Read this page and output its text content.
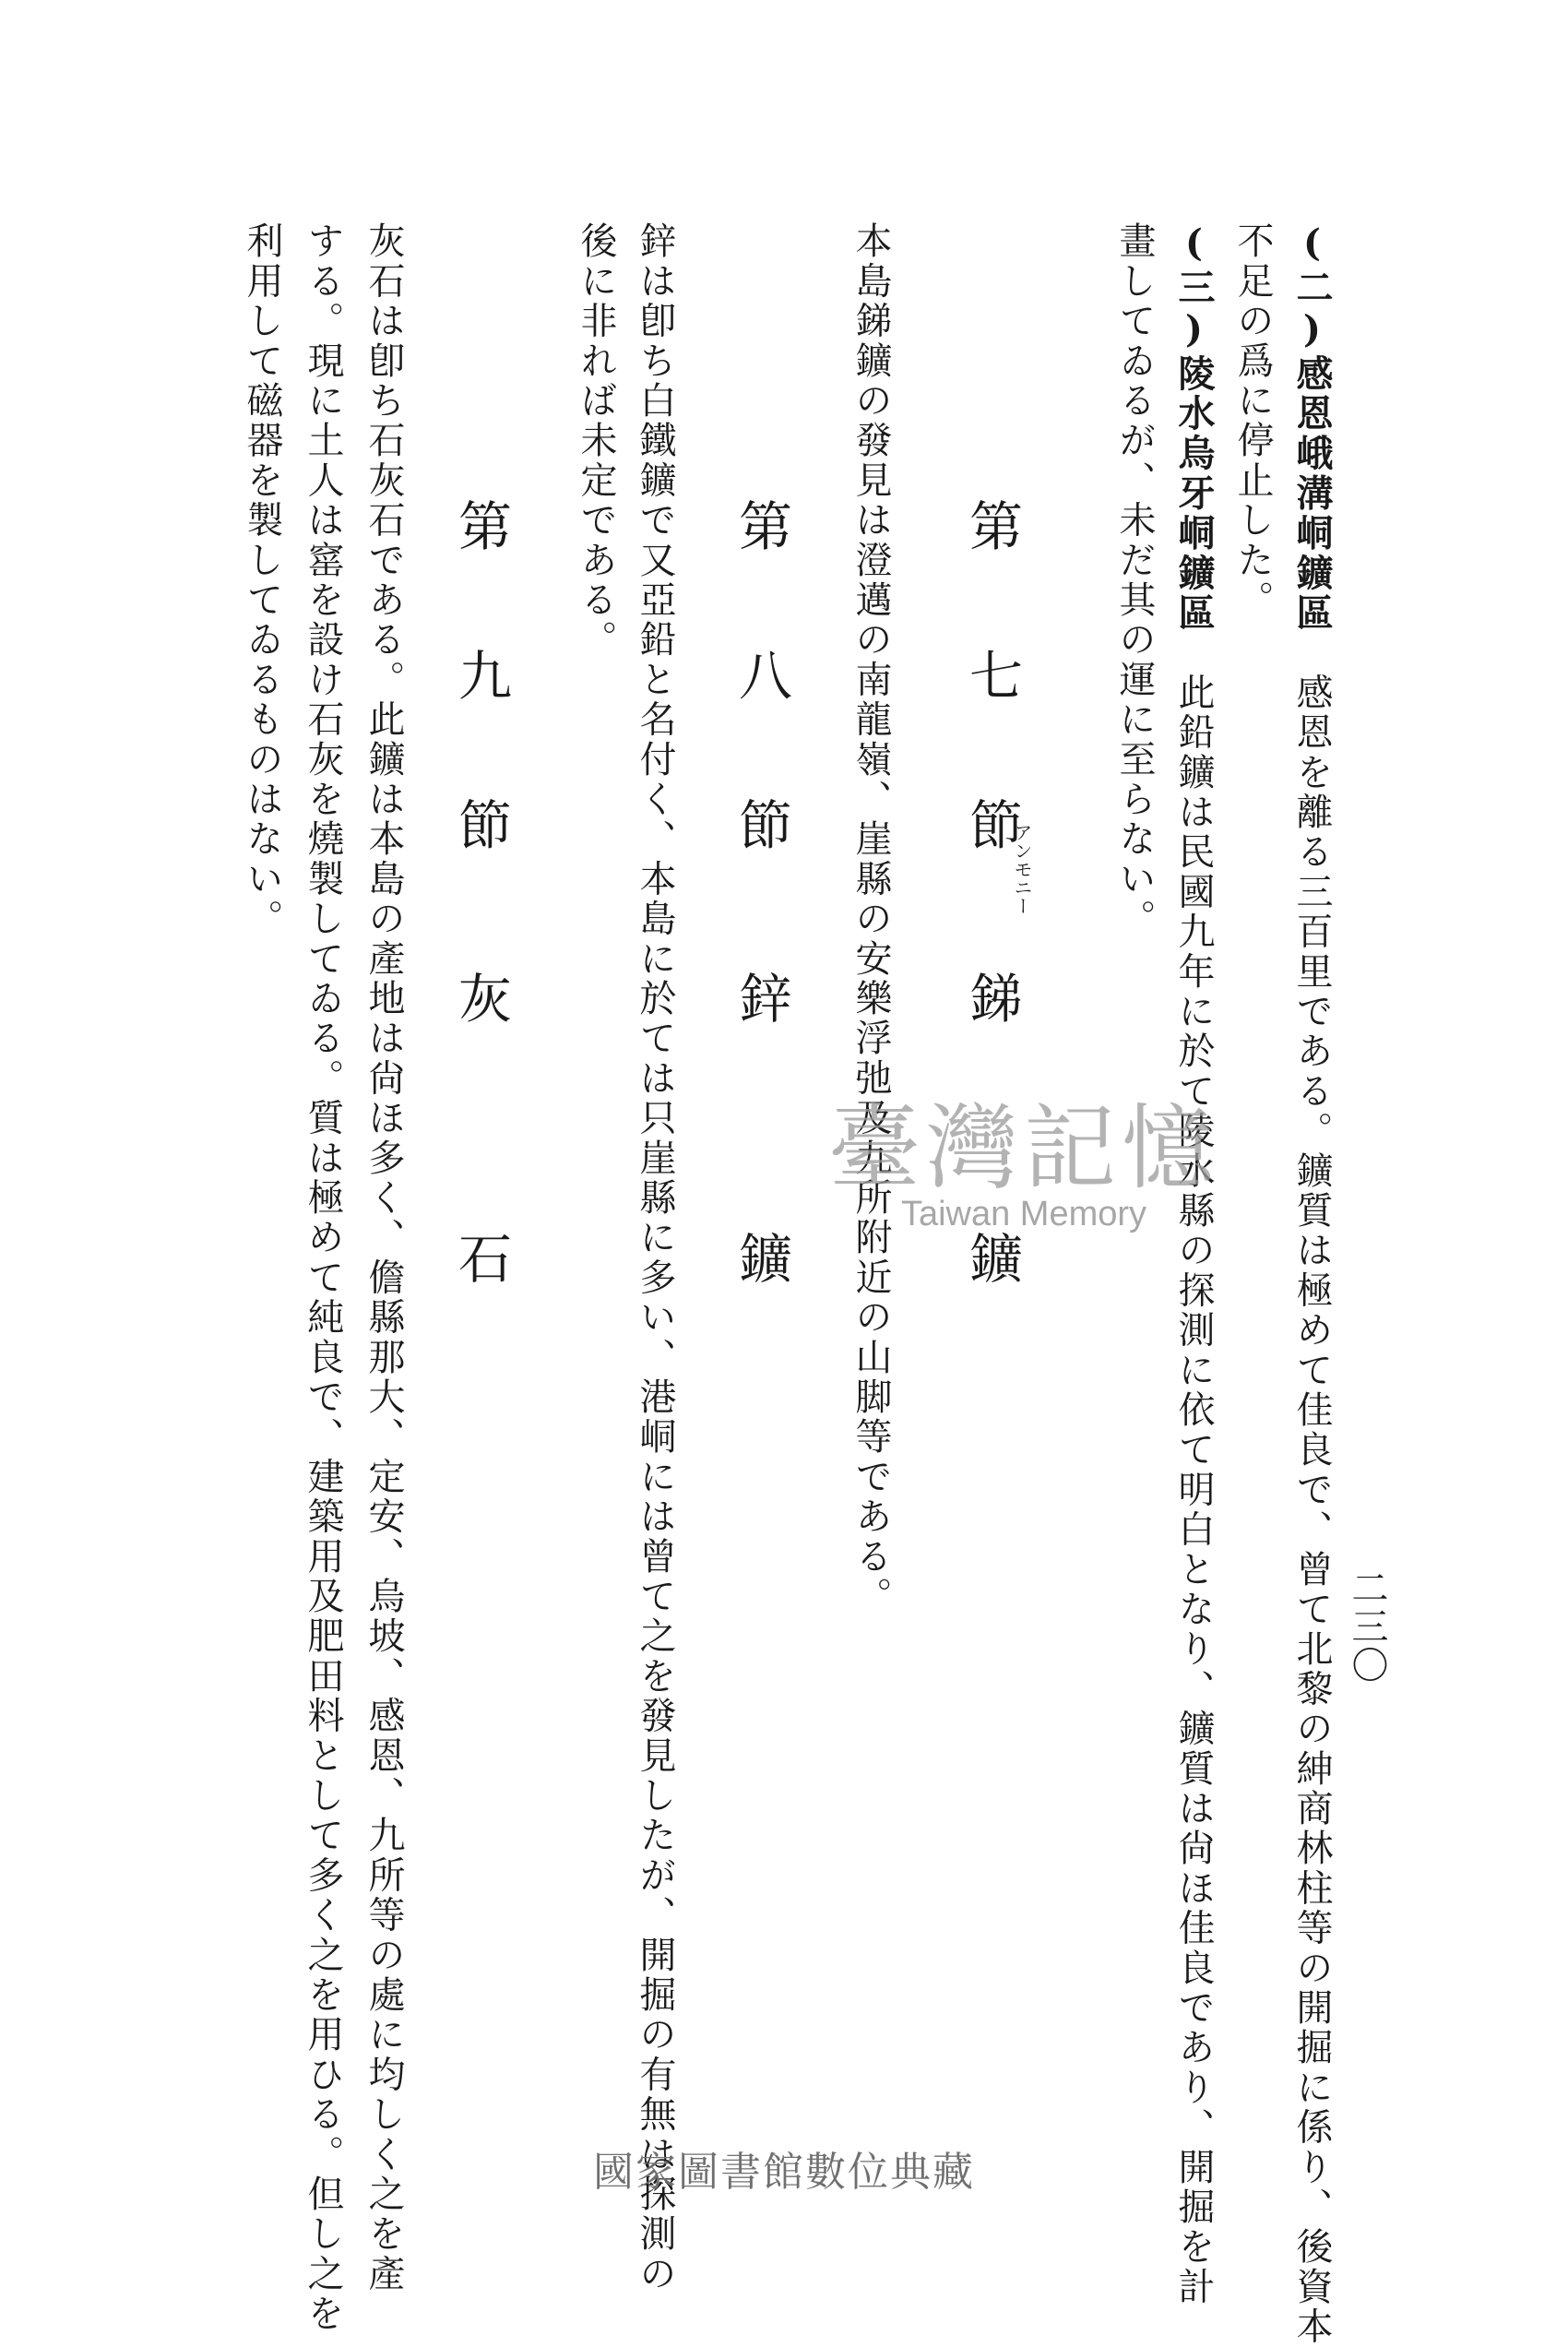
二三〇
(二)感恩峨溝峒鑛區　感恩を離る三百里である。鑛質は極めて佳良で、曾て北黎の紳商林柱等の開掘に係り、後資本
不足の爲に停止した。
(三)陵水烏牙峒鑛區　此鉛鑛は民國九年に於て陵水縣の探測に依て明白となり、鑛質は尙ほ佳良であり、開掘を計
畫してゐるが、未だ其の運に至らない。
第 七 節 銻 鑛
アンモニー
本島銻鑛の發見は澄邁の南龍嶺、崖縣の安樂浮弛及九所附近の山脚等である。
第 八 節 鋅 鑛
鋅は卽ち白鐵鑛で又亞鉛と名付く、本島に於ては只崖縣に多い、港峒には曾て之を發見したが、開掘の有無は探測の
後に非れば未定である。
第 九 節 灰 石
灰石は卽ち石灰石である。此鑛は本島の產地は尙ほ多く、儋縣那大、定安、烏坡、感恩、九所等の處に均しく之を產
する。現に土人は窰を設け石灰を燒製してゐる。質は極めて純良で、建築用及肥田料として多く之を用ひる。但し之を
利用して磁器を製してゐるものはない。
臺灣記憶
Taiwan Memory
國家圖書館數位典藏
